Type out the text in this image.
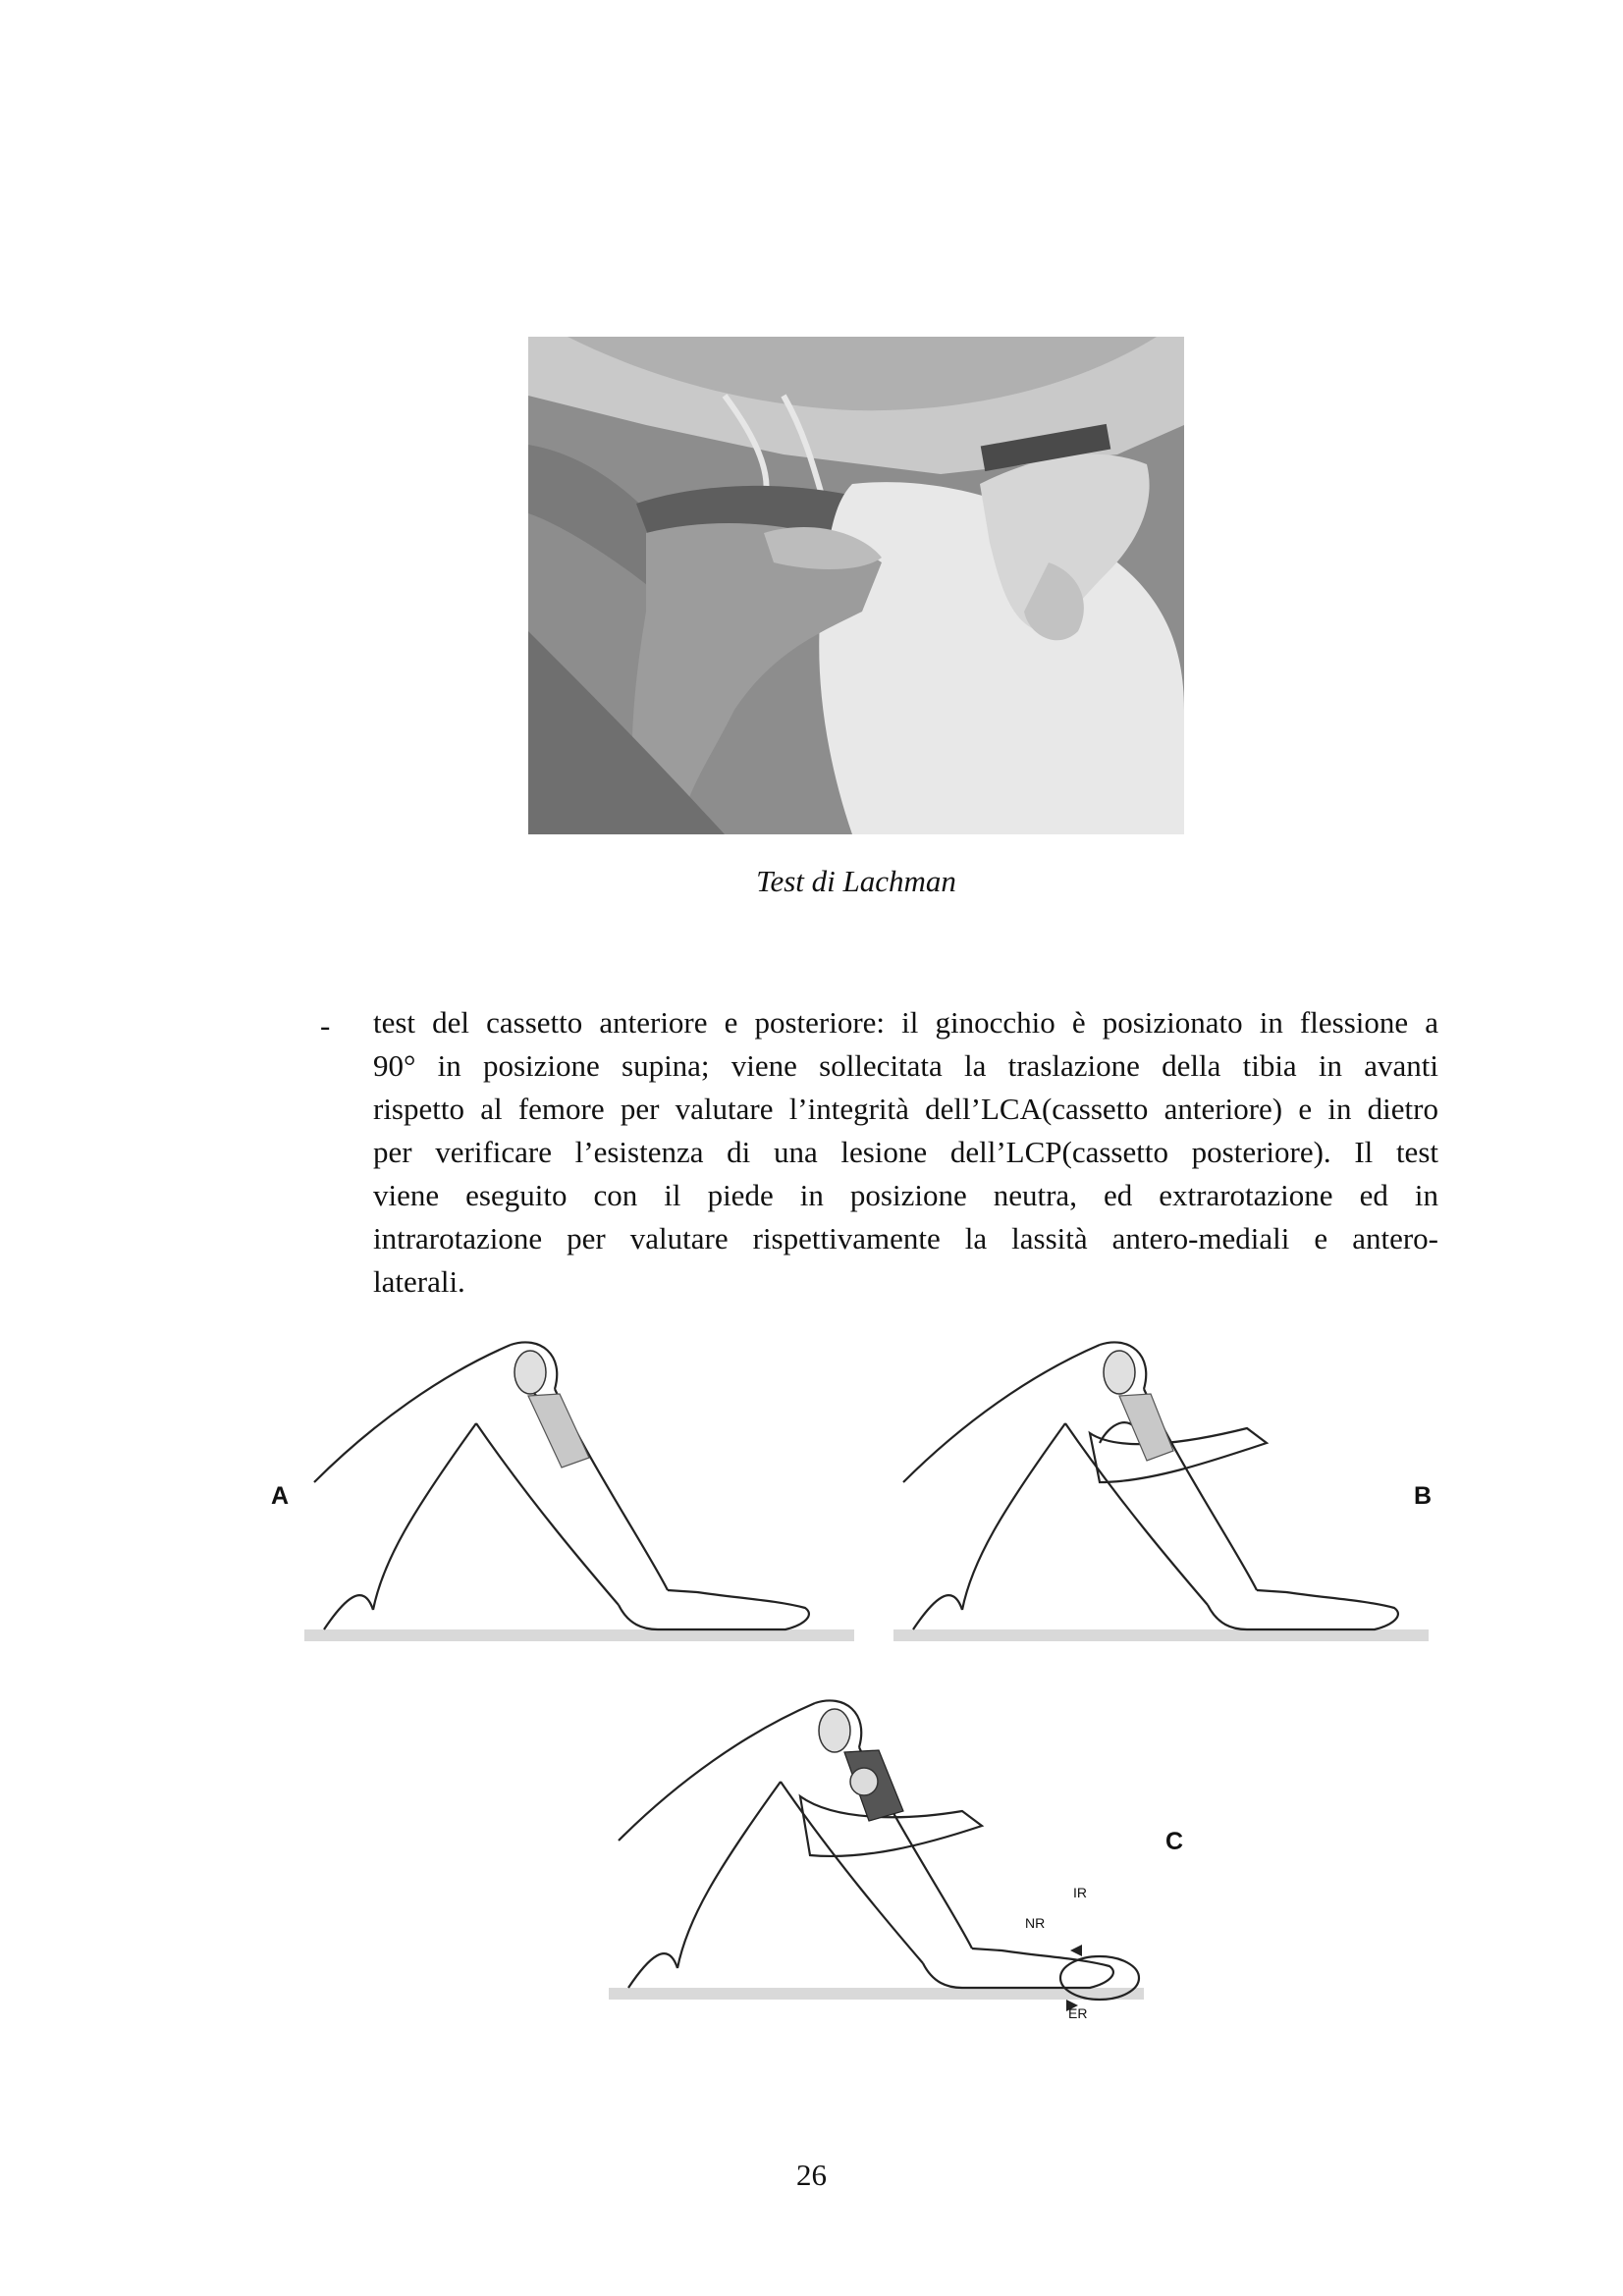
Test di Lachman
- test del cassetto anteriore e posteriore: il ginocchio è posizionato in flessione a
90° in posizione supina; viene sollecitata la traslazione della tibia in avanti
rispetto al femore per valutare l’integrità dell’LCA(cassetto anteriore) e in dietro
per verificare l’esistenza di una lesione dell’LCP(cassetto posteriore). Il test
viene eseguito con il piede in posizione neutra, ed extrarotazione ed in
intrarotazione per valutare rispettivamente la lassità antero-mediali e antero-
laterali.
A	B
C
IR
NR
ER
26
